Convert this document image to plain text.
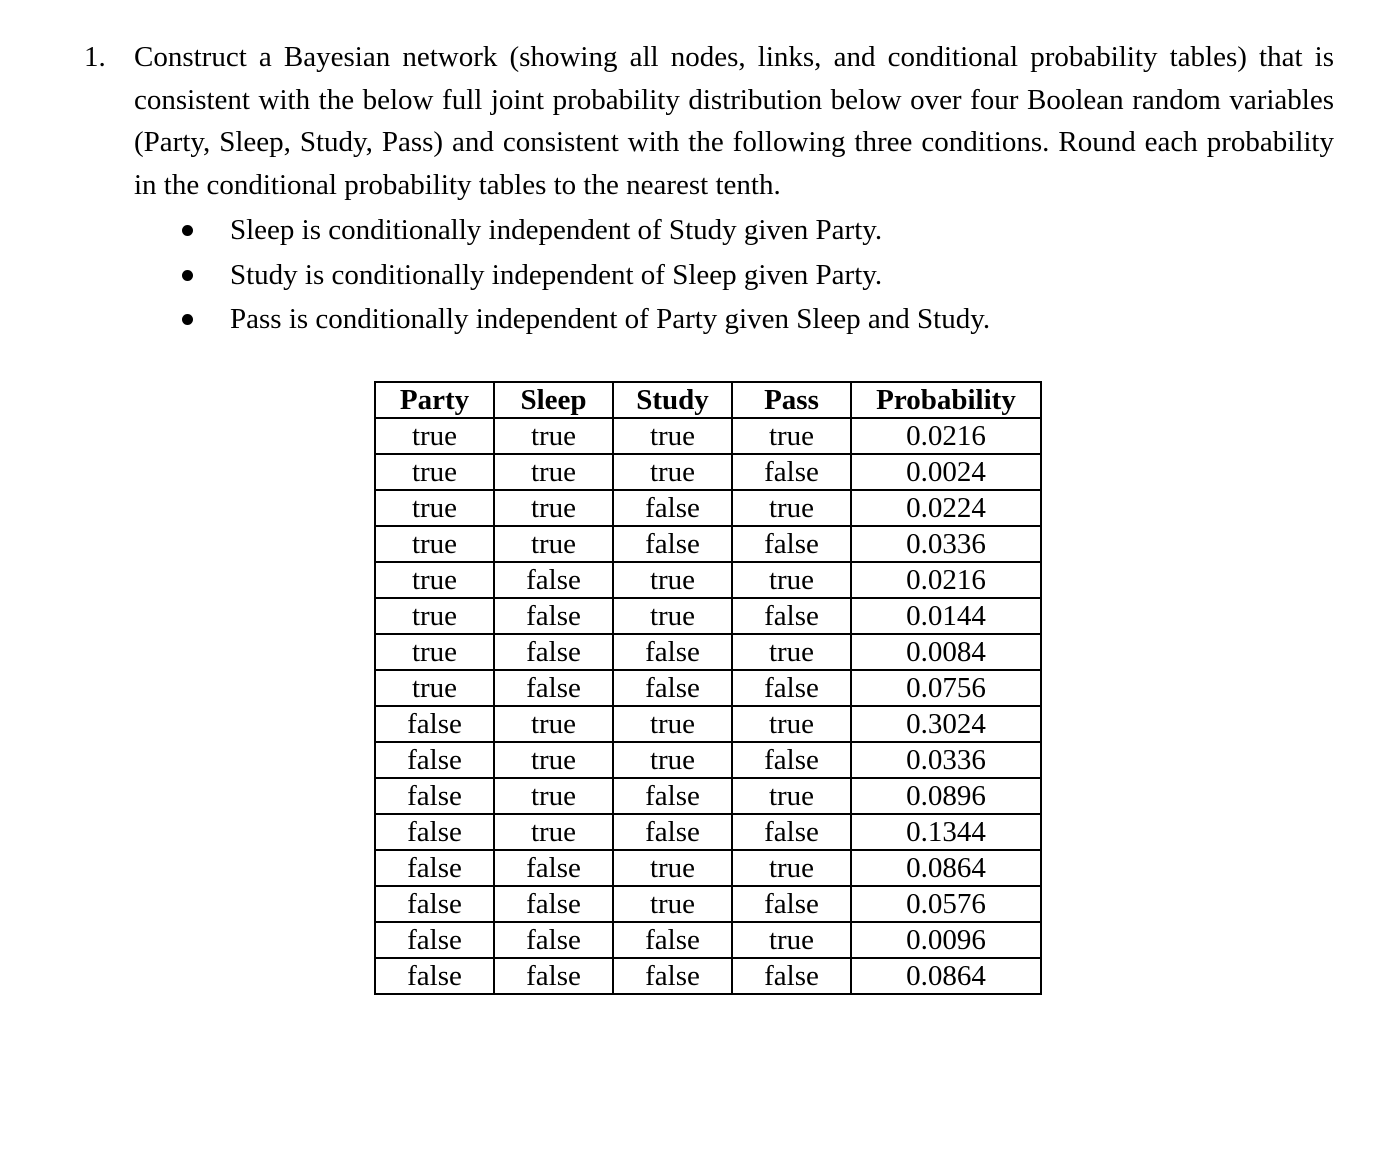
1. Construct a Bayesian network (showing all nodes, links, and conditional probability tables) that is consistent with the below full joint probability distribution below over four Boolean random variables (Party, Sleep, Study, Pass) and consistent with the following three conditions. Round each probability in the conditional probability tables to the nearest tenth.
Sleep is conditionally independent of Study given Party.
Study is conditionally independent of Sleep given Party.
Pass is conditionally independent of Party given Sleep and Study.
Party	Sleep	Study	Pass	Probability
true	true	true	true	0.0216
true	true	true	false	0.0024
true	true	false	true	0.0224
true	true	false	false	0.0336
true	false	true	true	0.0216
true	false	true	false	0.0144
true	false	false	true	0.0084
true	false	false	false	0.0756
false	true	true	true	0.3024
false	true	true	false	0.0336
false	true	false	true	0.0896
false	true	false	false	0.1344
false	false	true	true	0.0864
false	false	true	false	0.0576
false	false	false	true	0.0096
false	false	false	false	0.0864
